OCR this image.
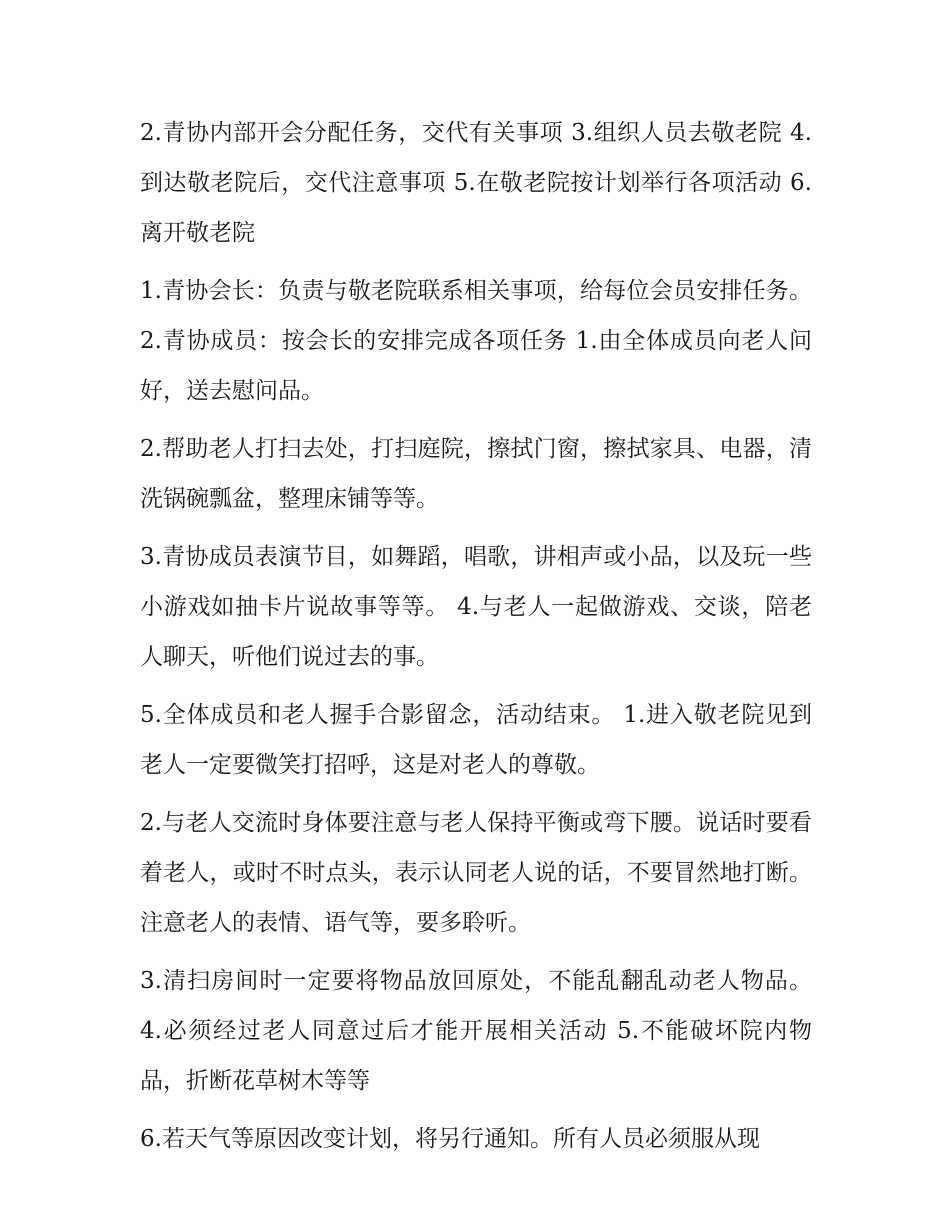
2.青协内部开会分配任务，交代有关事项 3.组织人员去敬老院 4.到达敬老院后，交代注意事项 5.在敬老院按计划举行各项活动 6.离开敬老院

1.青协会长：负责与敬老院联系相关事项，给每位会员安排任务。 2.青协成员：按会长的安排完成各项任务 1.由全体成员向老人问好，送去慰问品。

2.帮助老人打扫去处，打扫庭院，擦拭门窗，擦拭家具、电器，清洗锅碗瓢盆，整理床铺等等。

3.青协成员表演节目，如舞蹈，唱歌，讲相声或小品，以及玩一些小游戏如抽卡片说故事等等。 4.与老人一起做游戏、交谈，陪老人聊天，听他们说过去的事。

5.全体成员和老人握手合影留念，活动结束。 1.进入敬老院见到老人一定要微笑打招呼，这是对老人的尊敬。

2.与老人交流时身体要注意与老人保持平衡或弯下腰。说话时要看着老人，或时不时点头，表示认同老人说的话，不要冒然地打断。注意老人的表情、语气等，要多聆听。

3.清扫房间时一定要将物品放回原处，不能乱翻乱动老人物品。 4.必须经过老人同意过后才能开展相关活动 5.不能破坏院内物品，折断花草树木等等

6.若天气等原因改变计划，将另行通知。所有人员必须服从现
